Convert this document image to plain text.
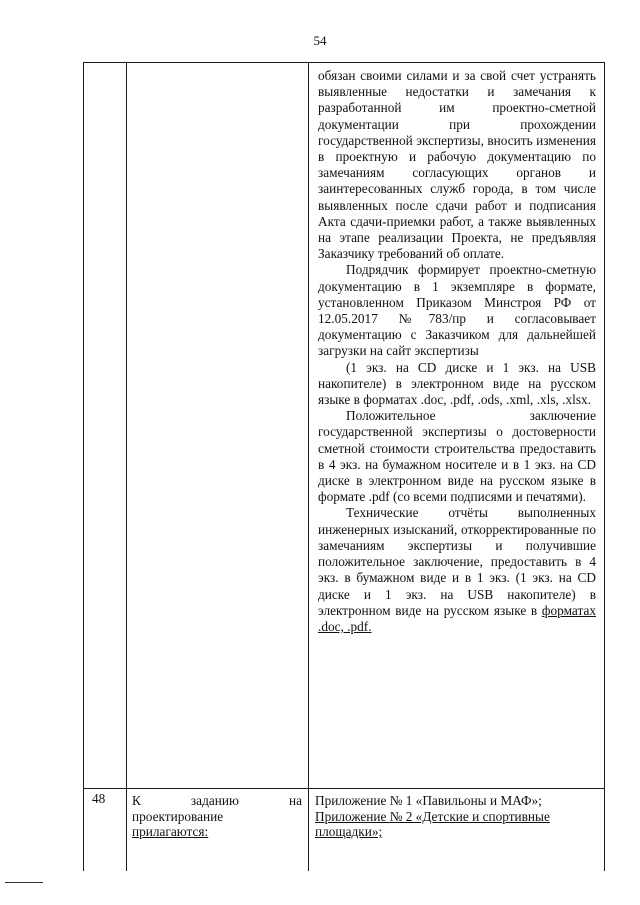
54

обязан своими силами и за свой счет устранять выявленные недостатки и замечания к разработанной им проектно-сметной документации при прохождении государственной экспертизы, вносить изменения в проектную и рабочую документацию по замечаниям согласующих органов и заинтересованных служб города, в том числе выявленных после сдачи работ и подписания Акта сдачи-приемки работ, а также выявленных на этапе реализации Проекта, не предъявляя Заказчику требований об оплате.

Подрядчик формирует проектно-сметную документацию в 1 экземпляре в формате, установленном Приказом Минстроя РФ от 12.05.2017 №783/пр и согласовывает документацию с Заказчиком для дальнейшей загрузки на сайт экспертизы

(1 экз. на CD диске и 1 экз. на USB накопителе) в электронном виде на русском языке в форматах .doc, .pdf, .ods, .xml, .xls, .xlsx.

Положительное заключение государственной экспертизы о достоверности сметной стоимости строительства предоставить в 4 экз. на бумажном носителе и в 1 экз. на CD диске в электронном виде на русском языке в формате .pdf (со всеми подписями и печатями).

Технические отчёты выполненных инженерных изысканий, откорректированные по замечаниям экспертизы и получившие положительное заключение, предоставить в 4 экз. в бумажном виде и в 1 экз. (1 экз. на CD диске и 1 экз. на USB накопителе) в электронном виде на русском языке в форматах .doc, .pdf.

48 К	заданию	на
проектирование
прилагаются:
Приложение № 1 «Павильоны и МАФ»;
Приложение № 2 «Детские и спортивные площадки»;
